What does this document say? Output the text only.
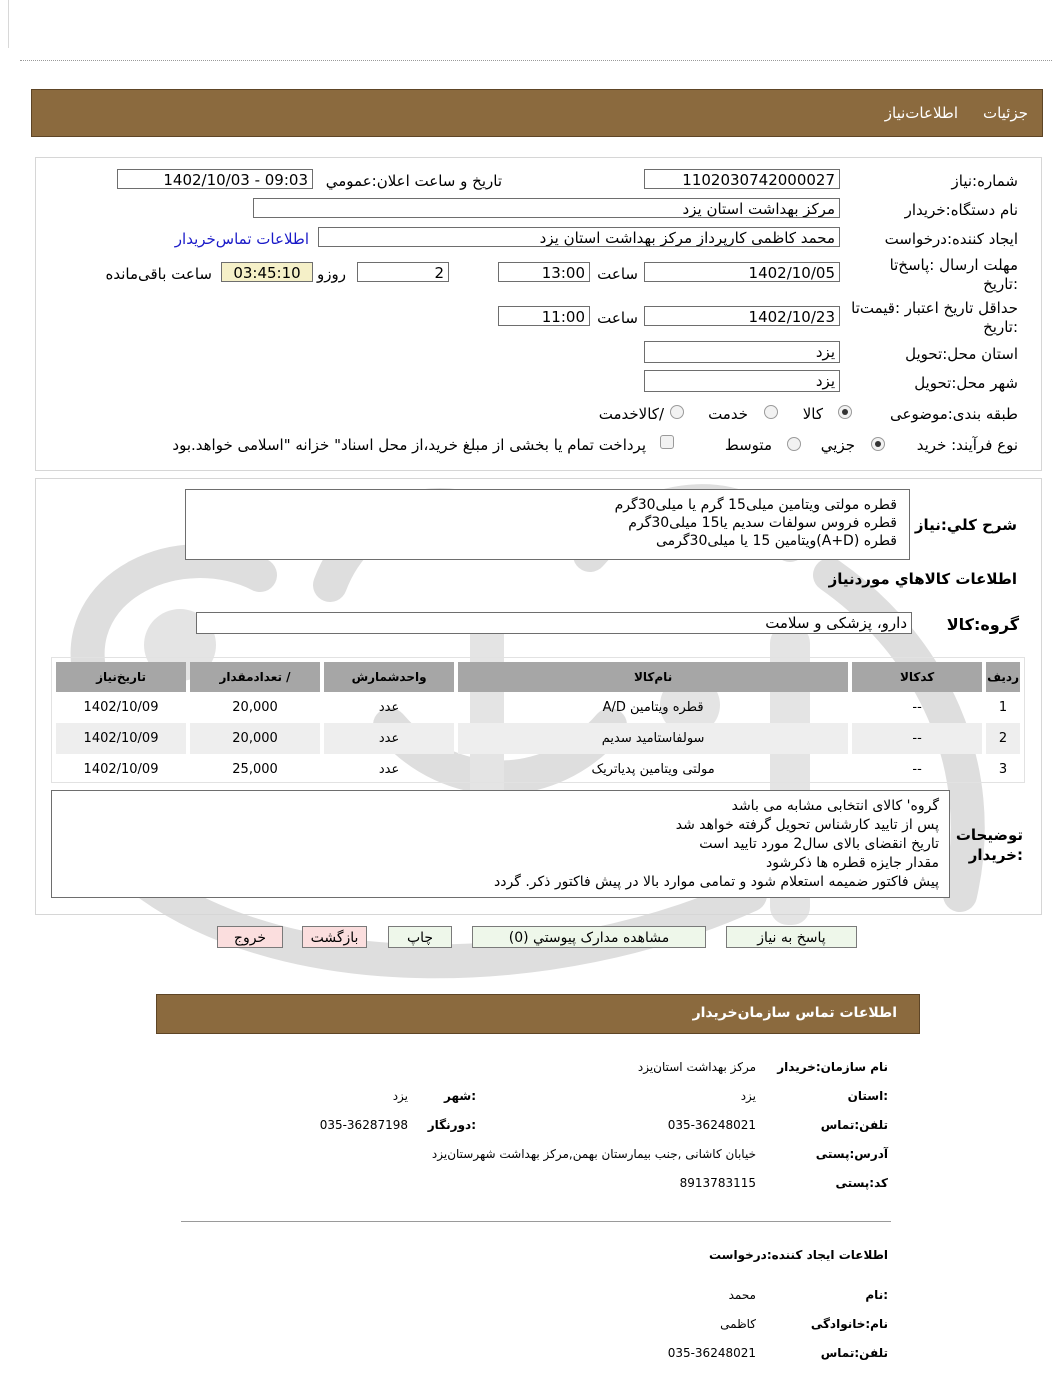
جزئیات
اطلاعات‌نیاز
شماره:نیاز
1102030742000027
تاريخ و ساعت اعلان:عمومي
1402/10/03 - 09:03
نام دستگاه:خريدار
مرکز بهداشت استان یزد
ايجاد کننده:درخواست
محمد کاظمی کارپرداز مرکز بهداشت استان یزد
اطلاعات تماس‌خريدار
مهلت ارسال :پاسخ‌تا
:تاريخ
1402/10/05
ساعت
13:00
2
روزو
03:45:10
ساعت باقی‌مانده
حداقل تاريخ اعتبار :قيمت‌تا
:تاريخ
1402/10/23
ساعت
11:00
استان محل:تحويل
یزد
شهر محل:تحويل
یزد
طبقه بندی:موضوعی
کالا
خدمت
/کالاخدمت
نوع فرآیند: خريد
جزيي
متوسط
پرداخت تمام یا بخشی از مبلغ خرید،از محل اسناد" خزانه "اسلامی خواهد.بود
شرح کلي:نياز
قطره مولتی ویتامین میلی15 گرم یا میلی30گرم
قطره فروس سولفات سدیم یا15 میلی30گرم
قطره (A+D)ویتامین 15 یا میلی30گرمی
اطلاعات کالاهاي موردنياز
گروه:کالا
دارو، پزشکی و سلامت
رديف	کدکالا	نام‌کالا	واحدشمارش	/ تعدادمقدار	تاريخ‌نياز
1	--	قطره ویتامین A/D	عدد	20,000	1402/10/09
2	--	سولفاستامید سدیم	عدد	20,000	1402/10/09
3	--	مولتی ویتامین پدیاتریک	عدد	25,000	1402/10/09
توضيحات
:خريدار
گروه' کالای انتخابی مشابه می باشد
پس از تایید کارشناس تحویل گرفته خواهد شد
تاریخ انقضای بالای سال2 مورد تایید است
مقدار جایزه قطره ها ذکرشود
پیش فاکتور ضمیمه استعلام شود و تمامی موارد بالا در پیش فاکتور ذکر. گردد
پاسخ به نياز
مشاهده مدارک پيوستي (0)
چاپ
بازگشت
خروج
اطلاعات تماس سازمان‌خريدار
نام سازمان:خريدار
مرکز بهداشت استان‌یزد
:استان
یزد
:شهر
یزد
تلفن:تماس
035-36248021
:دورنگار
035-36287198
آدرس:پستی
خیابان کاشانی ,جنب بیمارستان بهمن,مرکز بهداشت شهرستان‌یزد
کد:پستی
8913783115
اطلاعات ایجاد کننده:درخواست
:نام
محمد
نام:خانوادگی
کاظمی
تلفن:تماس
035-36248021
